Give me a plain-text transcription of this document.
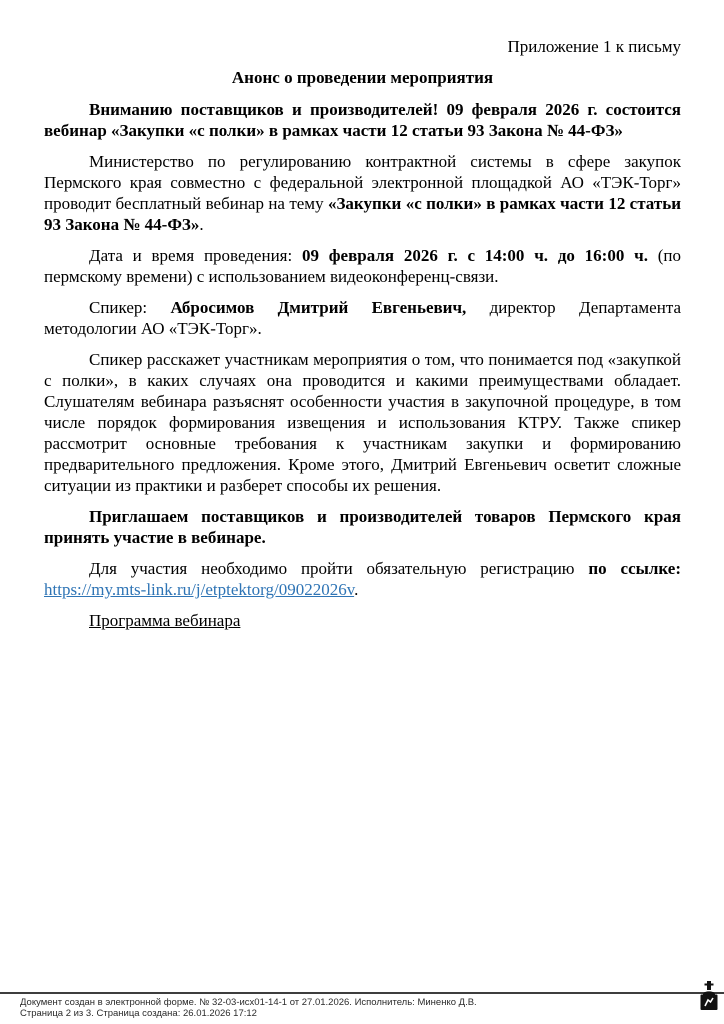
Приложение 1 к письму

Анонс о проведении мероприятия

Вниманию поставщиков и производителей! 09 февраля 2026 г. состоится вебинар «Закупки «с полки» в рамках части 12 статьи 93 Закона № 44-ФЗ»

Министерство по регулированию контрактной системы в сфере закупок Пермского края совместно с федеральной электронной площадкой АО «ТЭК-Торг» проводит бесплатный вебинар на тему «Закупки «с полки» в рамках части 12 статьи 93 Закона № 44-ФЗ».

Дата и время проведения: 09 февраля 2026 г. с 14:00 ч. до 16:00 ч. (по пермскому времени) с использованием видеоконференц-связи.

Спикер: Абросимов Дмитрий Евгеньевич, директор Департамента методологии АО «ТЭК-Торг».

Спикер расскажет участникам мероприятия о том, что понимается под «закупкой с полки», в каких случаях она проводится и какими преимуществами обладает. Слушателям вебинара разъяснят особенности участия в закупочной процедуре, в том числе порядок формирования извещения и использования КТРУ. Также спикер рассмотрит основные требования к участникам закупки и формированию предварительного предложения. Кроме этого, Дмитрий Евгеньевич осветит сложные ситуации из практики и разберет способы их решения.

Приглашаем поставщиков и производителей товаров Пермского края принять участие в вебинаре.

Для участия необходимо пройти обязательную регистрацию по ссылке: https://my.mts-link.ru/j/etptektorg/09022026v.

Программа вебинара

Документ создан в электронной форме. № 32-03-исх01-14-1 от 27.01.2026. Исполнитель: Миненко Д.В.
Страница 2 из 3. Страница создана: 26.01.2026 17:12
